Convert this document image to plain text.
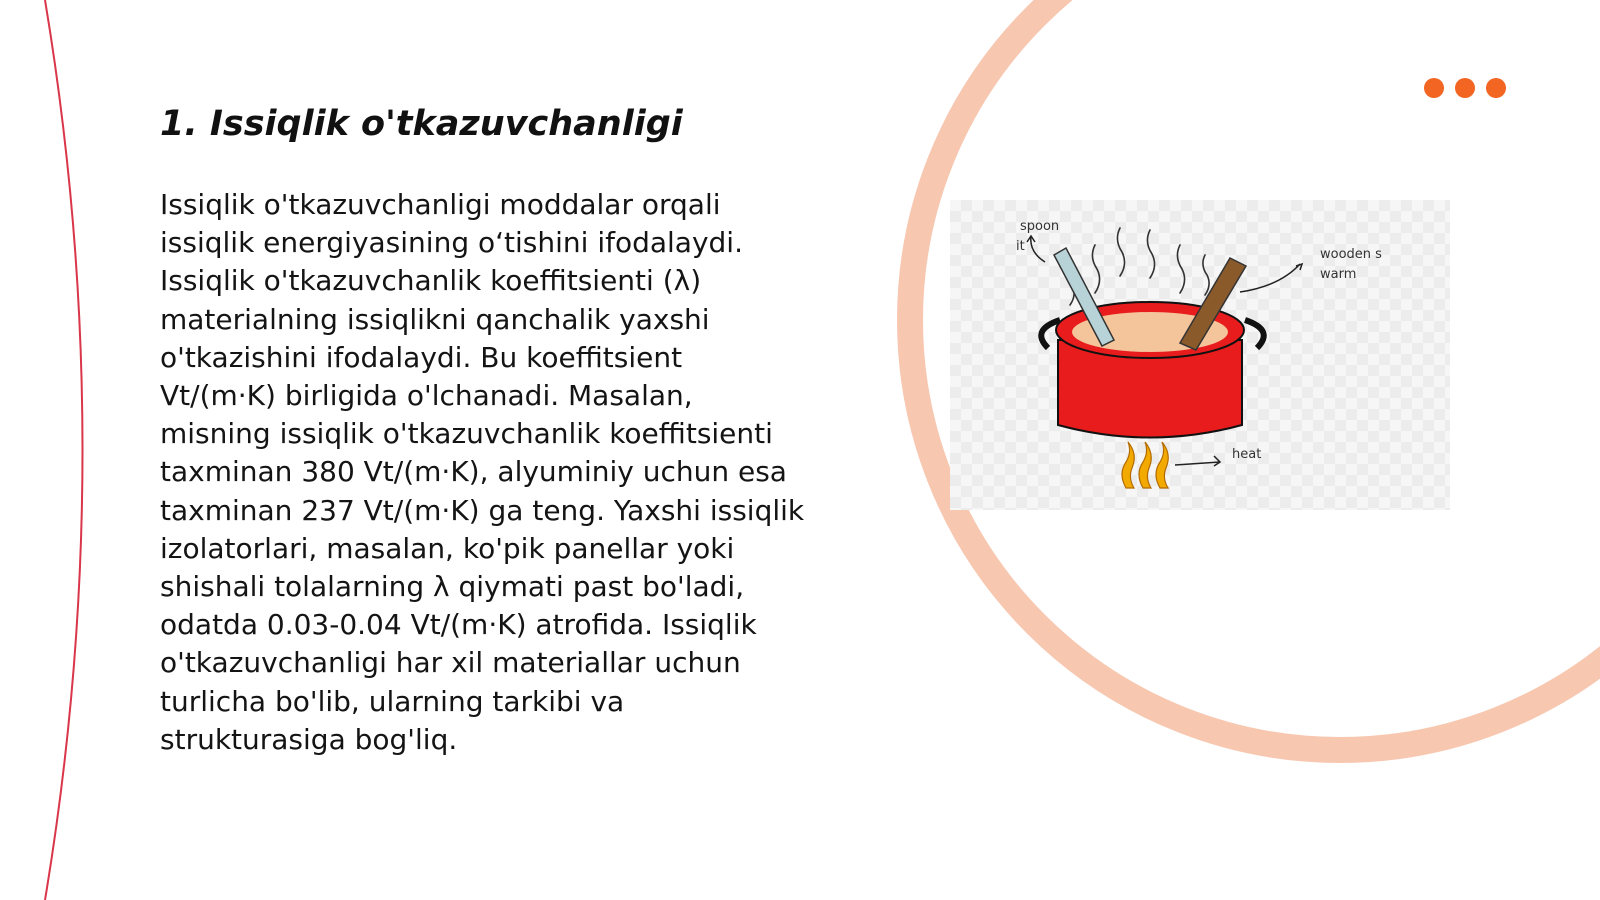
1. Issiqlik o'tkazuvchanligi
Issiqlik o'tkazuvchanligi moddalar orqali
issiqlik energiyasining o‘tishini ifodalaydi.
Issiqlik o'tkazuvchanlik koeffitsienti (λ)
materialning issiqlikni qanchalik yaxshi
o'tkazishini ifodalaydi. Bu koeffitsient
Vt/(m·K) birligida o'lchanadi. Masalan,
misning issiqlik o'tkazuvchanlik koeffitsienti
taxminan 380 Vt/(m·K), alyuminiy uchun esa
taxminan 237 Vt/(m·K) ga teng. Yaxshi issiqlik
izolatorlari, masalan, ko'pik panellar yoki
shishali tolalarning λ qiymati past bo'ladi,
odatda 0.03-0.04 Vt/(m·K) atrofida. Issiqlik
o'tkazuvchanligi har xil materiallar uchun
turlicha bo'lib, ularning tarkibi va
strukturasiga bog'liq.
spoon
it
wooden s
warm
heat
